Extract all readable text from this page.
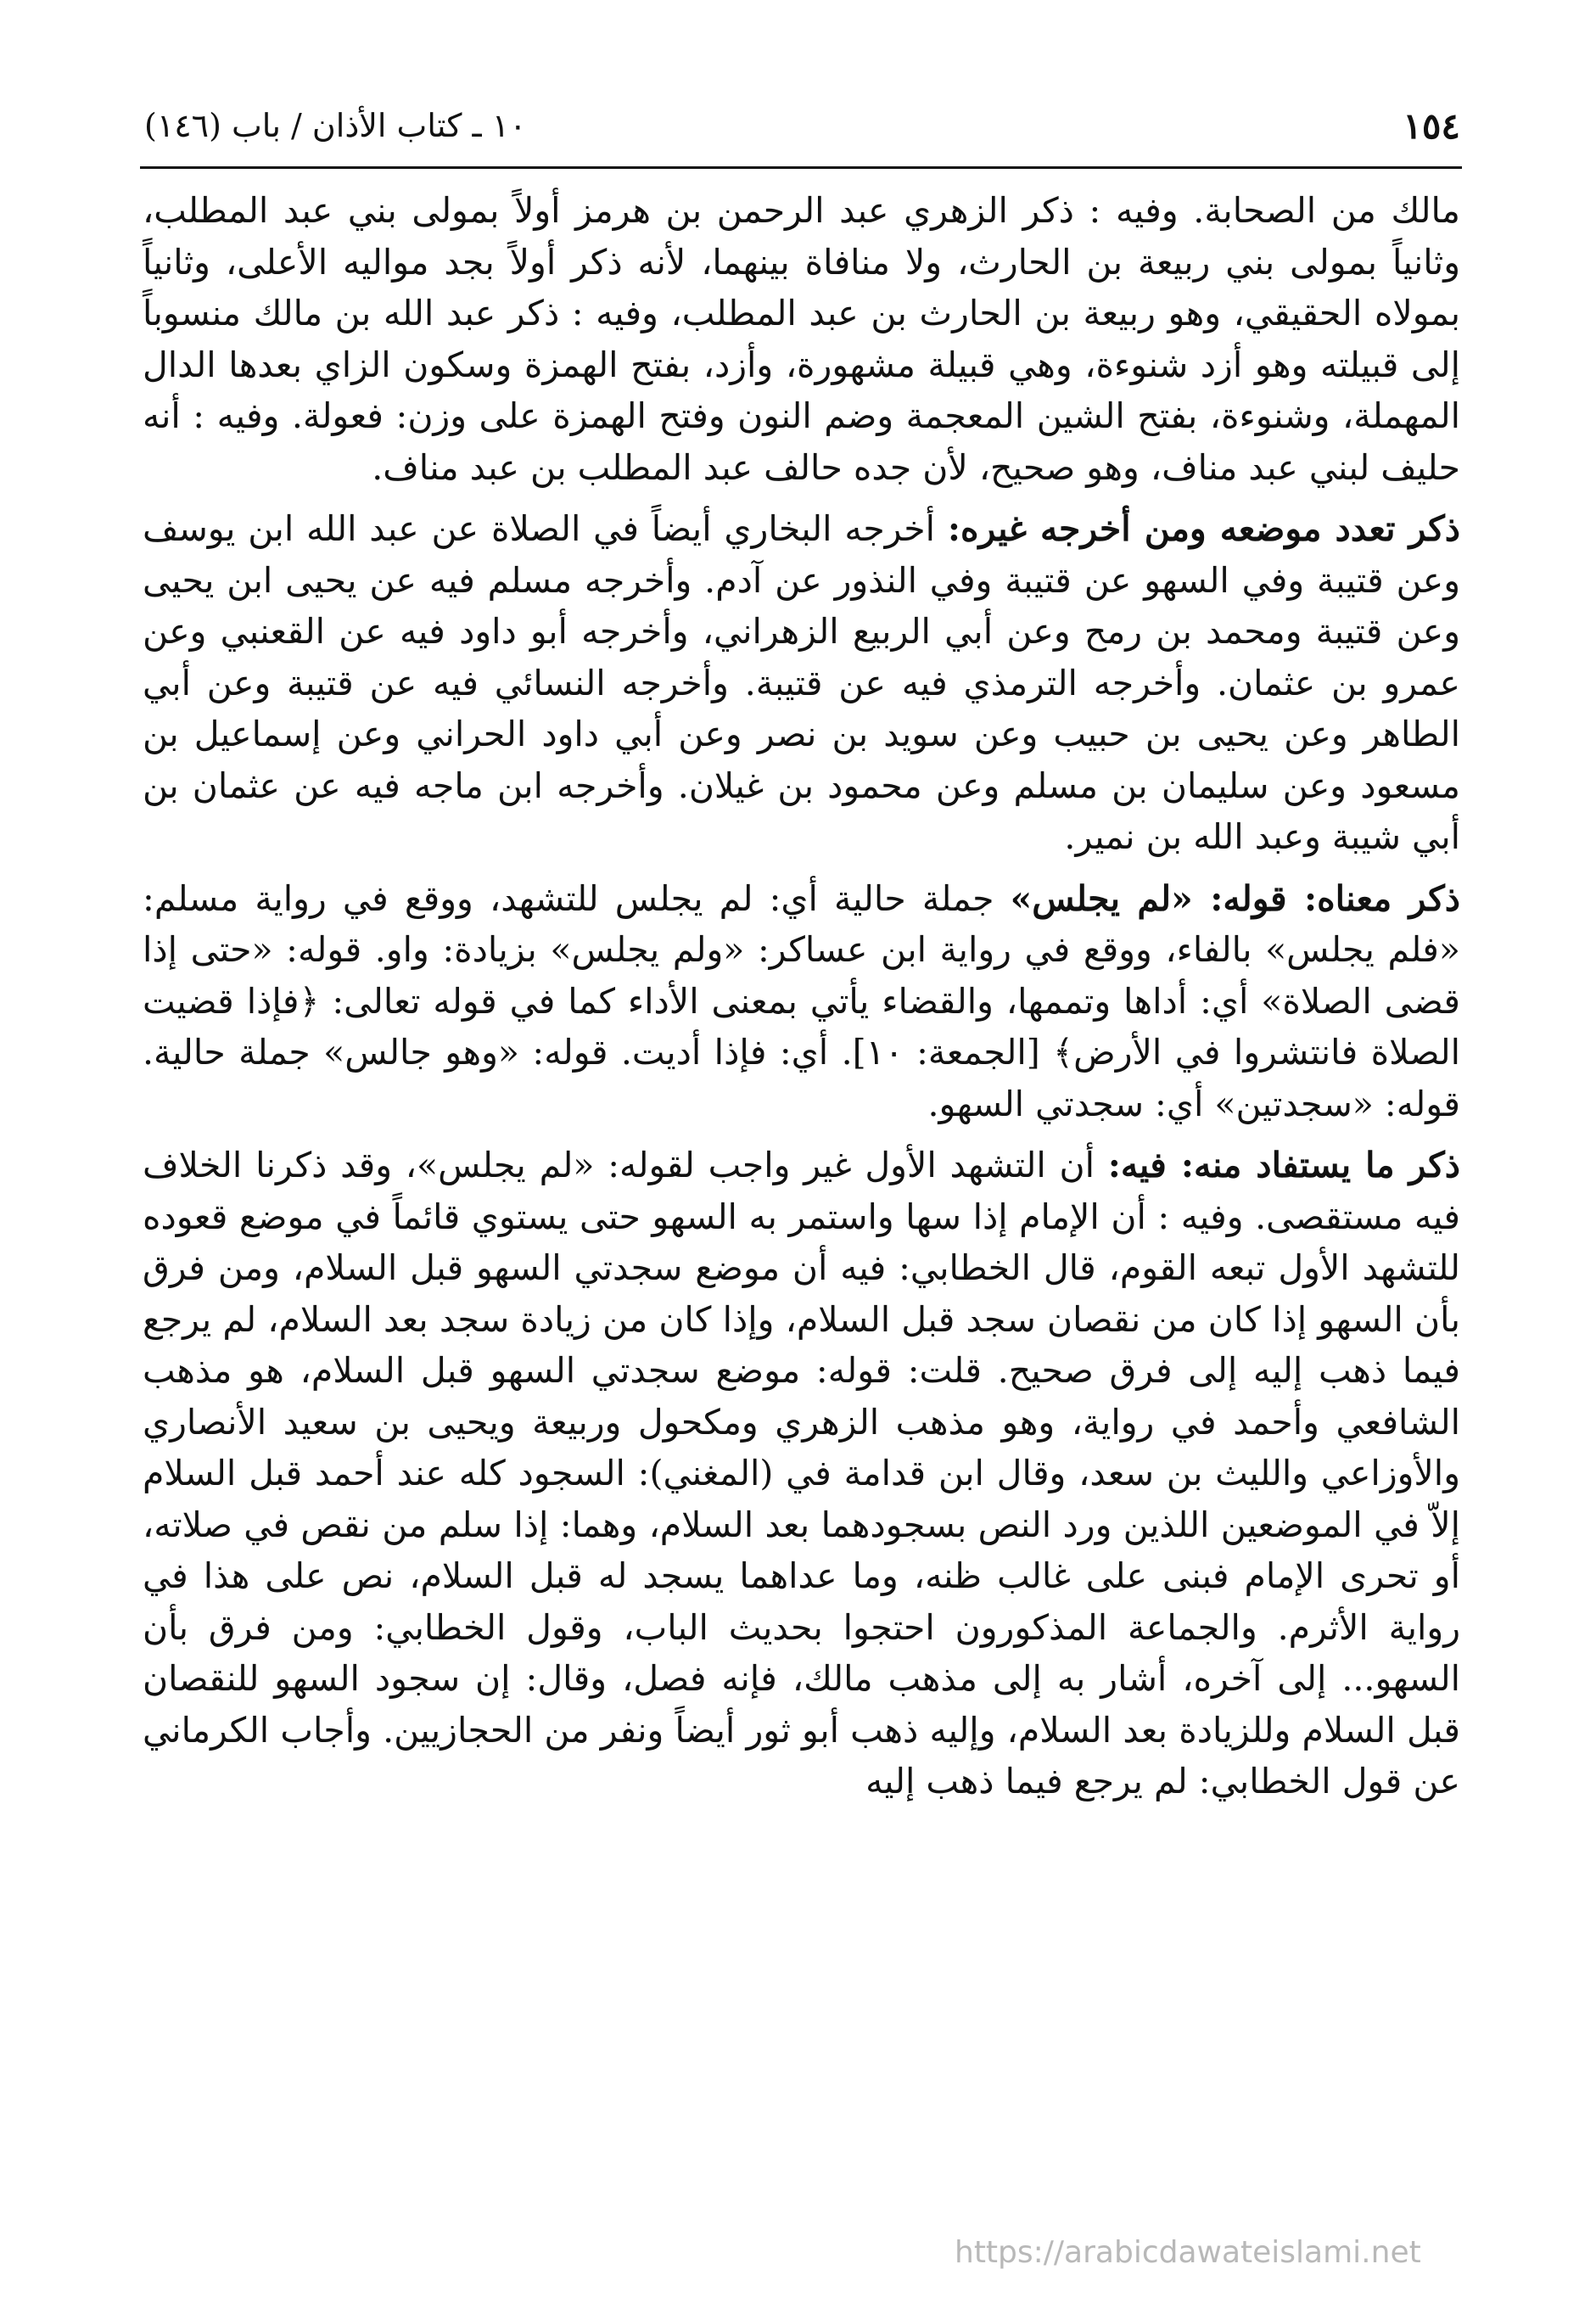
١٥٤
١٠ ـ كتاب الأذان / باب (١٤٦)

مالك من الصحابة. وفيه : ذكر الزهري عبد الرحمن بن هرمز أولاً بمولى بني عبد المطلب، وثانياً بمولى بني ربيعة بن الحارث، ولا منافاة بينهما، لأنه ذكر أولاً بجد مواليه الأعلى، وثانياً بمولاه الحقيقي، وهو ربيعة بن الحارث بن عبد المطلب، وفيه : ذكر عبد الله بن مالك منسوباً إلى قبيلته وهو أزد شنوءة، وهي قبيلة مشهورة، وأزد، بفتح الهمزة وسكون الزاي بعدها الدال المهملة، وشنوءة، بفتح الشين المعجمة وضم النون وفتح الهمزة على وزن: فعولة. وفيه : أنه حليف لبني عبد مناف، وهو صحيح، لأن جده حالف عبد المطلب بن عبد مناف.

ذكر تعدد موضعه ومن أخرجه غيره: أخرجه البخاري أيضاً في الصلاة عن عبد الله ابن يوسف وعن قتيبة وفي السهو عن قتيبة وفي النذور عن آدم. وأخرجه مسلم فيه عن يحيى ابن يحيى وعن قتيبة ومحمد بن رمح وعن أبي الربيع الزهراني، وأخرجه أبو داود فيه عن القعنبي وعن عمرو بن عثمان. وأخرجه الترمذي فيه عن قتيبة. وأخرجه النسائي فيه عن قتيبة وعن أبي الطاهر وعن يحيى بن حبيب وعن سويد بن نصر وعن أبي داود الحراني وعن إسماعيل بن مسعود وعن سليمان بن مسلم وعن محمود بن غيلان. وأخرجه ابن ماجه فيه عن عثمان بن أبي شيبة وعبد الله بن نمير.

ذكر معناه: قوله: «لم يجلس» جملة حالية أي: لم يجلس للتشهد، ووقع في رواية مسلم: «فلم يجلس» بالفاء، ووقع في رواية ابن عساكر: «ولم يجلس» بزيادة: واو. قوله: «حتى إذا قضى الصلاة» أي: أداها وتممها، والقضاء يأتي بمعنى الأداء كما في قوله تعالى: ﴿فإذا قضيت الصلاة فانتشروا في الأرض﴾ [الجمعة: ١٠]. أي: فإذا أديت. قوله: «وهو جالس» جملة حالية. قوله: «سجدتين» أي: سجدتي السهو.

ذكر ما يستفاد منه: فيه: أن التشهد الأول غير واجب لقوله: «لم يجلس»، وقد ذكرنا الخلاف فيه مستقصى. وفيه : أن الإمام إذا سها واستمر به السهو حتى يستوي قائماً في موضع قعوده للتشهد الأول تبعه القوم، قال الخطابي: فيه أن موضع سجدتي السهو قبل السلام، ومن فرق بأن السهو إذا كان من نقصان سجد قبل السلام، وإذا كان من زيادة سجد بعد السلام، لم يرجع فيما ذهب إليه إلى فرق صحيح. قلت: قوله: موضع سجدتي السهو قبل السلام، هو مذهب الشافعي وأحمد في رواية، وهو مذهب الزهري ومكحول وربيعة ويحيى بن سعيد الأنصاري والأوزاعي والليث بن سعد، وقال ابن قدامة في (المغني): السجود كله عند أحمد قبل السلام إلاّ في الموضعين اللذين ورد النص بسجودهما بعد السلام، وهما: إذا سلم من نقص في صلاته، أو تحرى الإمام فبنى على غالب ظنه، وما عداهما يسجد له قبل السلام، نص على هذا في رواية الأثرم. والجماعة المذكورون احتجوا بحديث الباب، وقول الخطابي: ومن فرق بأن السهو... إلى آخره، أشار به إلى مذهب مالك، فإنه فصل، وقال: إن سجود السهو للنقصان قبل السلام وللزيادة بعد السلام، وإليه ذهب أبو ثور أيضاً ونفر من الحجازيين. وأجاب الكرماني عن قول الخطابي: لم يرجع فيما ذهب إليه

https://arabicdawateislami.net
